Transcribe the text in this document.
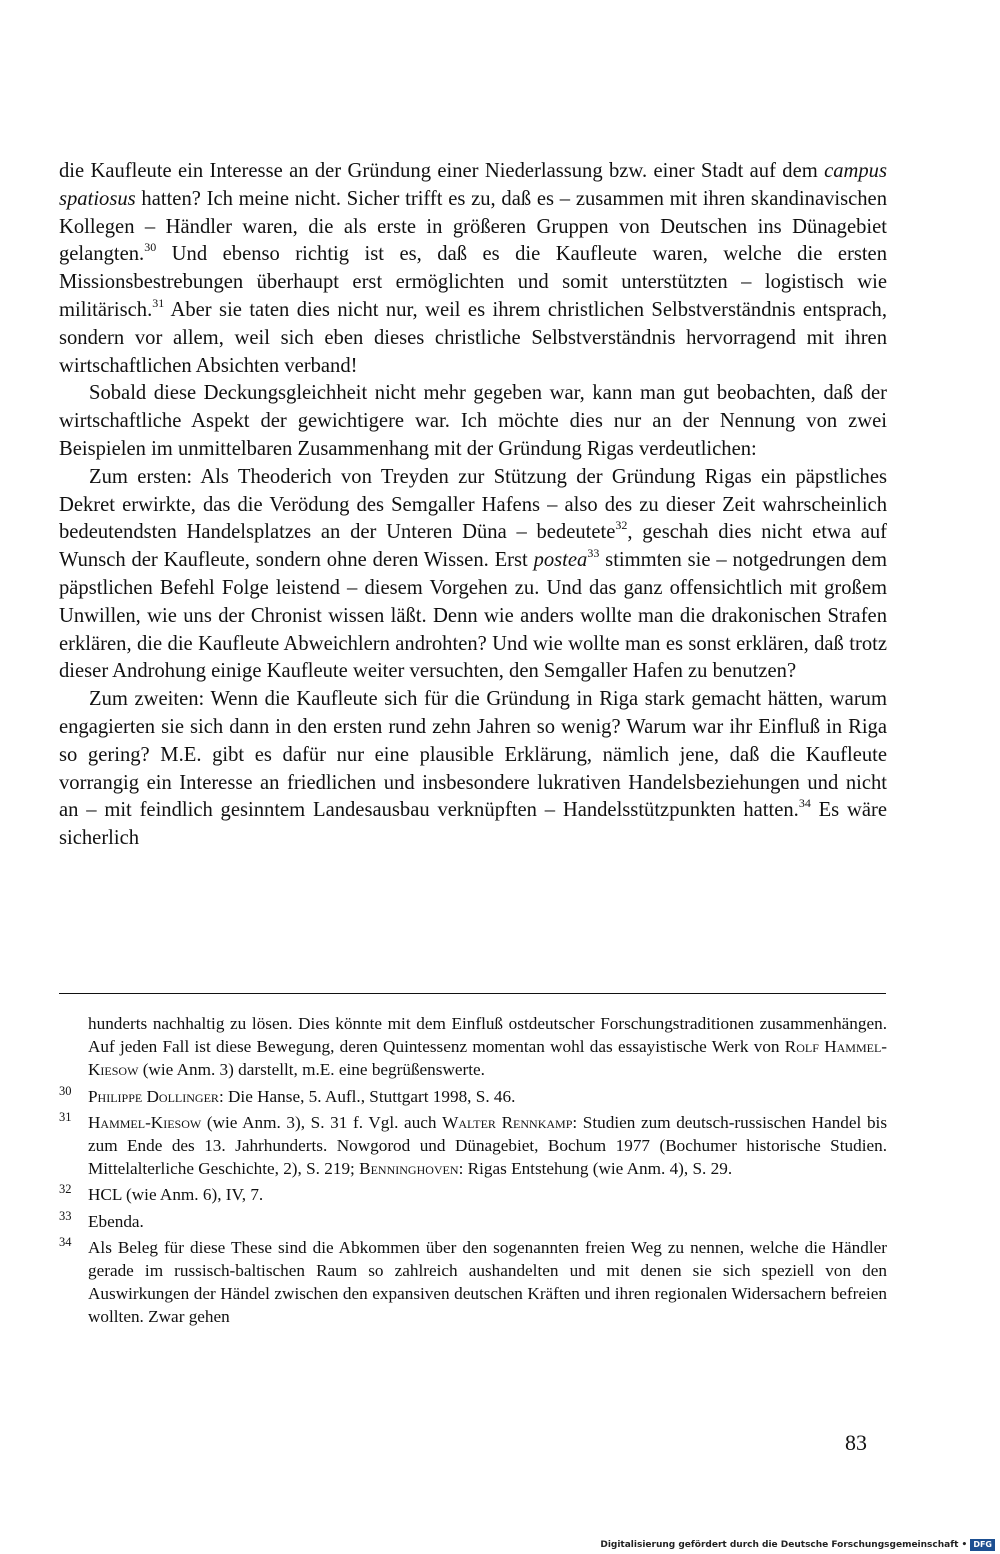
die Kaufleute ein Interesse an der Gründung einer Niederlassung bzw. einer Stadt auf dem campus spatiosus hatten? Ich meine nicht. Sicher trifft es zu, daß es – zusammen mit ihren skandinavischen Kollegen – Händler waren, die als erste in größeren Gruppen von Deutschen ins Dünagebiet gelangten.$^{30}$ Und ebenso richtig ist es, daß es die Kaufleute waren, welche die ersten Missionsbestrebungen überhaupt erst ermöglichten und somit unterstützten – logistisch wie militärisch.$^{31}$ Aber sie taten dies nicht nur, weil es ihrem christlichen Selbstverständnis entsprach, sondern vor allem, weil sich eben dieses christliche Selbstverständnis hervorragend mit ihren wirtschaftlichen Absichten verband!

Sobald diese Deckungsgleichheit nicht mehr gegeben war, kann man gut beobachten, daß der wirtschaftliche Aspekt der gewichtigere war. Ich möchte dies nur an der Nennung von zwei Beispielen im unmittelbaren Zusammenhang mit der Gründung Rigas verdeutlichen:

Zum ersten: Als Theoderich von Treyden zur Stützung der Gründung Rigas ein päpstliches Dekret erwirkte, das die Verödung des Semgaller Hafens – also des zu dieser Zeit wahrscheinlich bedeutendsten Handelsplatzes an der Unteren Düna – bedeutete$^{32}$, geschah dies nicht etwa auf Wunsch der Kaufleute, sondern ohne deren Wissen. Erst postea$^{33}$ stimmten sie – notgedrungen dem päpstlichen Befehl Folge leistend – diesem Vorgehen zu. Und das ganz offensichtlich mit großem Unwillen, wie uns der Chronist wissen läßt. Denn wie anders wollte man die drakonischen Strafen erklären, die die Kaufleute Abweichlern androhten? Und wie wollte man es sonst erklären, daß trotz dieser Androhung einige Kaufleute weiter versuchten, den Semgaller Hafen zu benutzen?

Zum zweiten: Wenn die Kaufleute sich für die Gründung in Riga stark gemacht hätten, warum engagierten sie sich dann in den ersten rund zehn Jahren so wenig? Warum war ihr Einfluß in Riga so gering? M.E. gibt es dafür nur eine plausible Erklärung, nämlich jene, daß die Kaufleute vorrangig ein Interesse an friedlichen und insbesondere lukrativen Handelsbeziehungen und nicht an – mit feindlich gesinntem Landesausbau verknüpften – Handelsstützpunkten hatten.$^{34}$ Es wäre sicherlich

hunderts nachhaltig zu lösen. Dies könnte mit dem Einfluß ostdeutscher Forschungstraditionen zusammenhängen. Auf jeden Fall ist diese Bewegung, deren Quintessenz momentan wohl das essayistische Werk von Rolf Hammel-Kiesow (wie Anm. 3) darstellt, m.E. eine begrüßenswerte.
30 Philippe Dollinger: Die Hanse, 5. Aufl., Stuttgart 1998, S. 46.
31 Hammel-Kiesow (wie Anm. 3), S. 31 f. Vgl. auch Walter Rennkamp: Studien zum deutsch-russischen Handel bis zum Ende des 13. Jahrhunderts. Nowgorod und Dünagebiet, Bochum 1977 (Bochumer historische Studien. Mittelalterliche Geschichte, 2), S. 219; Benninghoven: Rigas Entstehung (wie Anm. 4), S. 29.
32 HCL (wie Anm. 6), IV, 7.
33 Ebenda.
34 Als Beleg für diese These sind die Abkommen über den sogenannten freien Weg zu nennen, welche die Händler gerade im russisch-baltischen Raum so zahlreich aushandelten und mit denen sie sich speziell von den Auswirkungen der Händel zwischen den expansiven deutschen Kräften und ihren regionalen Widersachern befreien wollten. Zwar gehen
83
Digitalisierung gefördert durch die Deutsche Forschungsgemeinschaft • DFG
